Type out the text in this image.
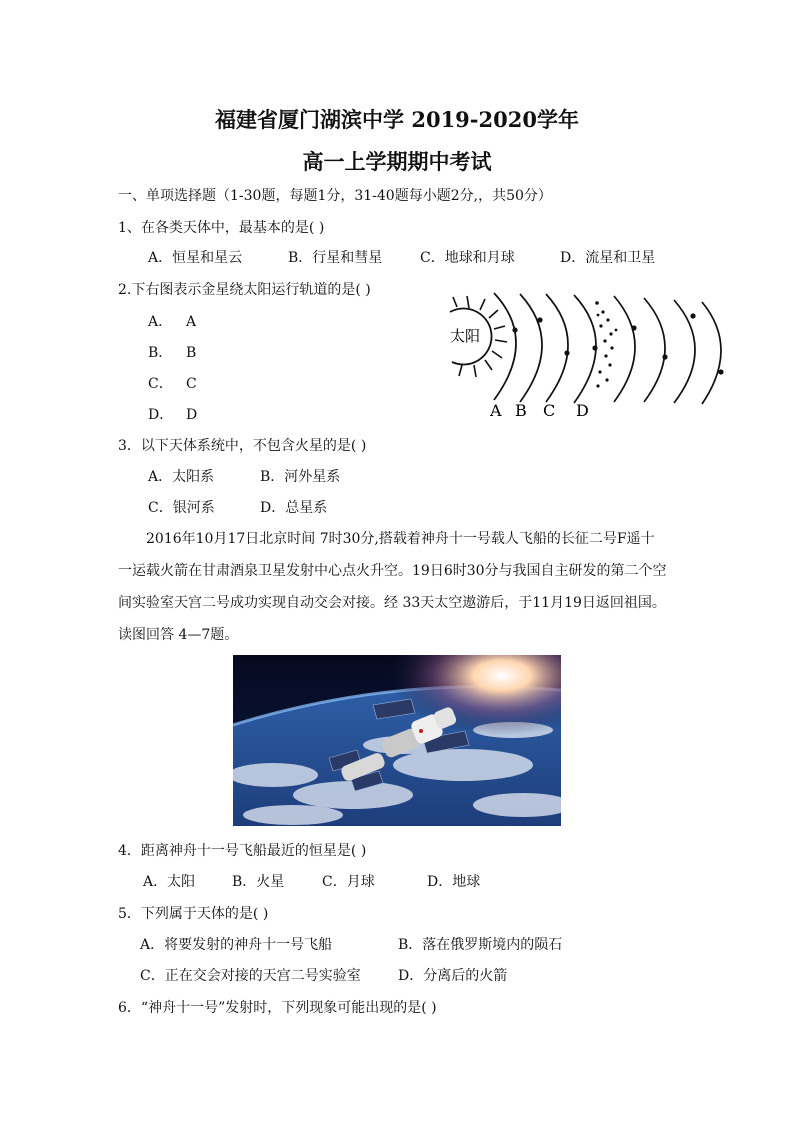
福建省厦门湖滨中学 2019-2020学年
高一上学期期中考试
一、单项选择题（1-30题，每题1分，31-40题每小题2分,，共50分）
1、在各类天体中，最基本的是( )
A．恒星和星云	B．行星和彗星	C．地球和月球	D．流星和卫星
2.下右图表示金星绕太阳运行轨道的是( )
A． A
B． B
C． C
D． D
太阳
A B C D
3．以下天体系统中，不包含火星的是( )
A．太阳系	B．河外星系
C．银河系	D．总星系
2016年10月17日北京时间 7时30分,搭载着神舟十一号载人飞船的长征二号F遥十
一运载火箭在甘肃酒泉卫星发射中心点火升空。19日6时30分与我国自主研发的第二个空
间实验室天宫二号成功实现自动交会对接。经 33天太空遨游后，于11月19日返回祖国。
读图回答 4—7题。
4．距离神舟十一号飞船最近的恒星是( )
A．太阳	B．火星	C．月球	D．地球
5．下列属于天体的是( )
A．将要发射的神舟十一号飞船	B．落在俄罗斯境内的陨石
C．正在交会对接的天宫二号实验室	D．分离后的火箭
6．“神舟十一号”发射时，下列现象可能出现的是( )
